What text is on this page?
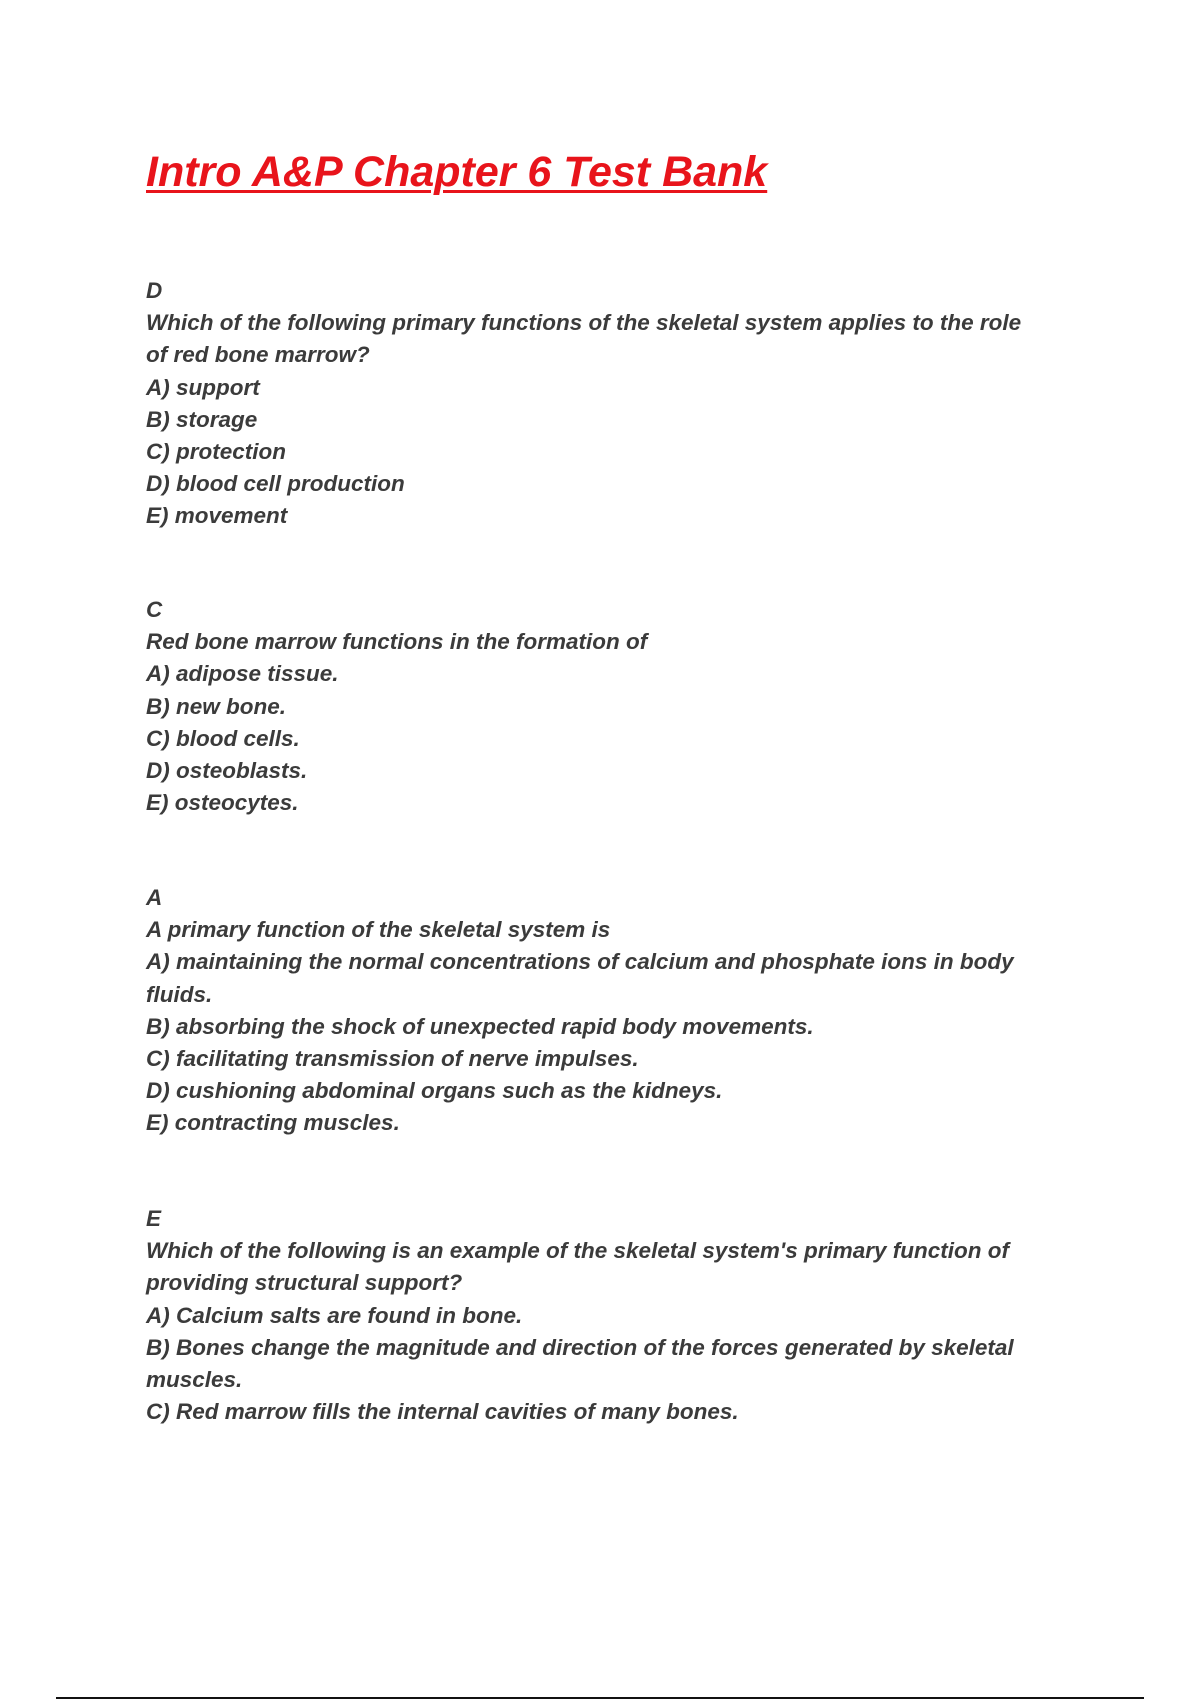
Intro A&P Chapter 6 Test Bank
D
Which of the following primary functions of the skeletal system applies to the role
of red bone marrow?
A) support
B) storage
C) protection
D) blood cell production
E) movement
C
Red bone marrow functions in the formation of
A) adipose tissue.
B) new bone.
C) blood cells.
D) osteoblasts.
E) osteocytes.
A
A primary function of the skeletal system is
A) maintaining the normal concentrations of calcium and phosphate ions in body
fluids.
B) absorbing the shock of unexpected rapid body movements.
C) facilitating transmission of nerve impulses.
D) cushioning abdominal organs such as the kidneys.
E) contracting muscles.
E
Which of the following is an example of the skeletal system's primary function of
providing structural support?
A) Calcium salts are found in bone.
B) Bones change the magnitude and direction of the forces generated by skeletal
muscles.
C) Red marrow fills the internal cavities of many bones.
